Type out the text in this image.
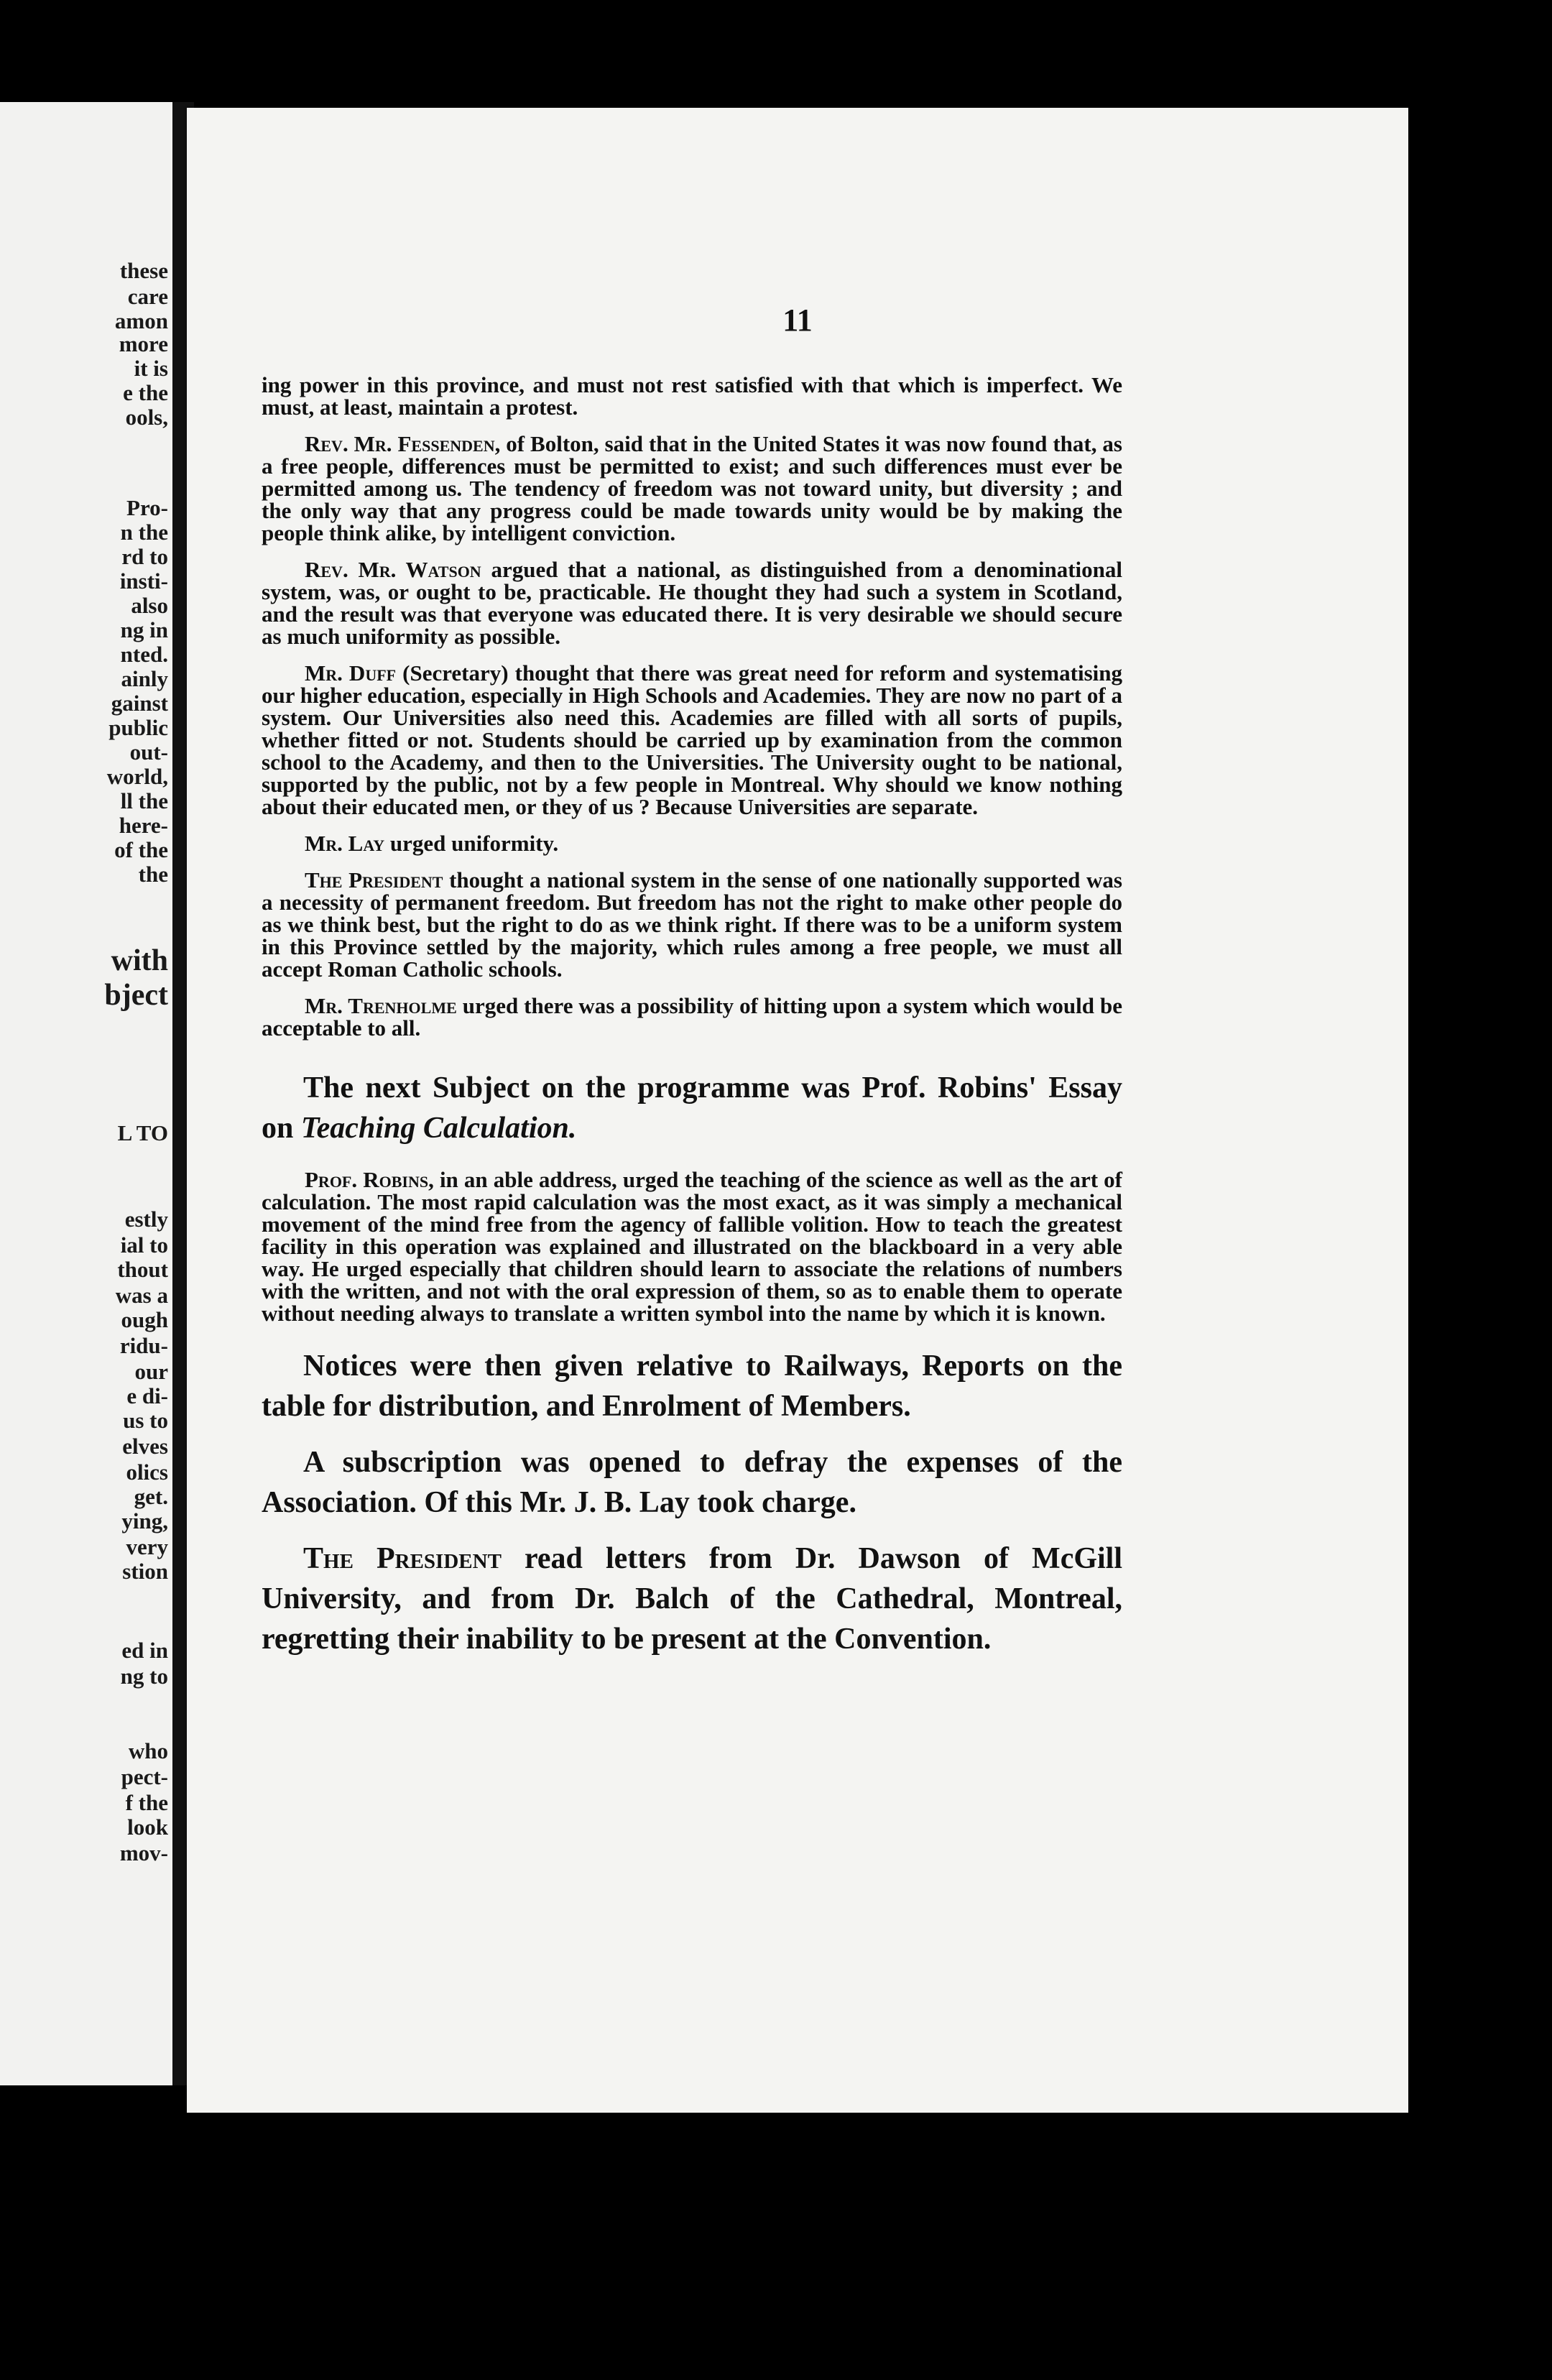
these
care
amon
more
it is
e the
ools,
Pro-
n the
rd to
insti-
also
ng in
nted.
ainly
gainst
public
out-
world,
ll the
here-
of the
the
with
bject
L TO
estly
ial to
thout
was a
ough
ridu-
our
e di-
us to
elves
olics
get.
ying,
very
stion
ed in
ng to
who
pect-
f the
look
mov-
11

ing power in this province, and must not rest satisfied with that which is imperfect. We must, at least, maintain a protest.

Rev. Mr. Fessenden, of Bolton, said that in the United States it was now found that, as a free people, differences must be permitted to exist; and such differences must ever be permitted among us. The tendency of freedom was not toward unity, but diversity ; and the only way that any progress could be made towards unity would be by making the people think alike, by intelligent conviction.

Rev. Mr. Watson argued that a national, as distinguished from a denominational system, was, or ought to be, practicable. He thought they had such a system in Scotland, and the result was that everyone was educated there. It is very desirable we should secure as much uniformity as possible.

Mr. Duff (Secretary) thought that there was great need for reform and systematising our higher education, especially in High Schools and Academies. They are now no part of a system. Our Universities also need this. Academies are filled with all sorts of pupils, whether fitted or not. Students should be carried up by examination from the common school to the Academy, and then to the Universities. The University ought to be national, supported by the public, not by a few people in Montreal. Why should we know nothing about their educated men, or they of us ? Because Universities are separate.

Mr. Lay urged uniformity.

The President thought a national system in the sense of one nationally supported was a necessity of permanent freedom. But freedom has not the right to make other people do as we think best, but the right to do as we think right. If there was to be a uniform system in this Province settled by the majority, which rules among a free people, we must all accept Roman Catholic schools.

Mr. Trenholme urged there was a possibility of hitting upon a system which would be acceptable to all.

The next Subject on the programme was Prof. Robins' Essay on Teaching Calculation.

Prof. Robins, in an able address, urged the teaching of the science as well as the art of calculation. The most rapid calculation was the most exact, as it was simply a mechanical movement of the mind free from the agency of fallible volition. How to teach the greatest facility in this operation was explained and illustrated on the blackboard in a very able way. He urged especially that children should learn to associate the relations of numbers with the written, and not with the oral expression of them, so as to enable them to operate without needing always to translate a written symbol into the name by which it is known.

Notices were then given relative to Railways, Reports on the table for distribution, and Enrolment of Members.

A subscription was opened to defray the expenses of the Association. Of this Mr. J. B. Lay took charge.

The President read letters from Dr. Dawson of McGill University, and from Dr. Balch of the Cathedral, Montreal, regretting their inability to be present at the Convention.
